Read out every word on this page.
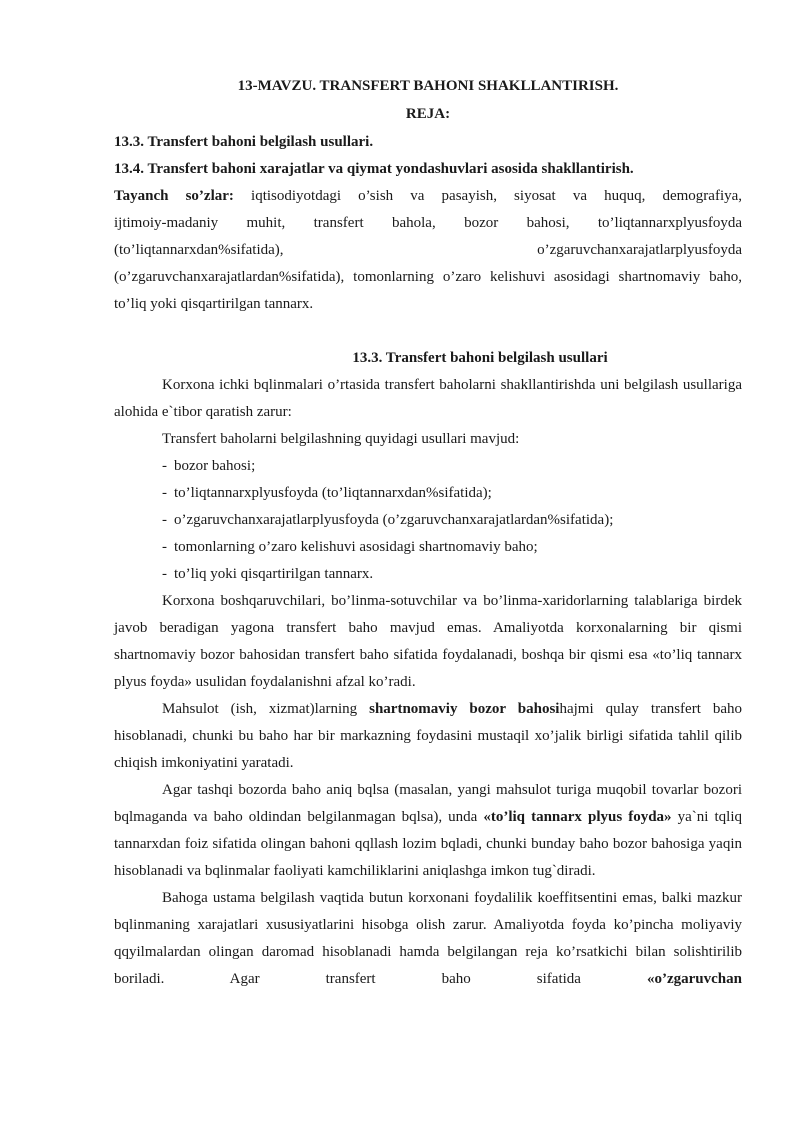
13-MAVZU. TRANSFERT BAHONI SHAKLLANTIRISH.
REJA:
13.3. Transfert bahoni belgilash usullari.
13.4. Transfert bahoni xarajatlar va qiymat yondashuvlari asosida shakllantirish.
Tayanch so’zlar: iqtisodiyotdagi o’sish va pasayish, siyosat va huquq, demografiya,
ijtimoiy-madaniy muhit, transfert bahola, bozor bahosi, to’liqtannarxplyusfoyda
(to’liqtannarxdan%sifatida), o’zgaruvchanxarajatlarplyusfoyda
(o’zgaruvchanxarajatlardan%sifatida), tomonlarning o’zaro kelishuvi asosidagi shartnomaviy baho, to’liq yoki qisqartirilgan tannarx.
13.3. Transfert bahoni belgilash usullari
Korxona ichki bqlinmalari o’rtasida transfert baholarni shakllantirishda uni belgilash usullariga alohida e`tibor qaratish zarur:
Transfert baholarni belgilashning quyidagi usullari mavjud:
- bozor bahosi;
- to’liqtannarxplyusfoyda (to’liqtannarxdan%sifatida);
- o’zgaruvchanxarajatlarplyusfoyda (o’zgaruvchanxarajatlardan%sifatida);
- tomonlarning o’zaro kelishuvi asosidagi shartnomaviy baho;
- to’liq yoki qisqartirilgan tannarx.
Korxona boshqaruvchilari, bo’linma-sotuvchilar va bo’linma-xaridorlarning talablariga birdek javob beradigan yagona transfert baho mavjud emas. Amaliyotda korxonalarning bir qismi shartnomaviy bozor bahosidan transfert baho sifatida foydalanadi, boshqa bir qismi esa «to’liq tannarx plyus foyda» usulidan foydalanishni afzal ko’radi.
Mahsulot (ish, xizmat)larning shartnomaviy bozor bahosihajmi qulay transfert baho hisoblanadi, chunki bu baho har bir markazning foydasini mustaqil xo’jalik birligi sifatida tahlil qilib chiqish imkoniyatini yaratadi.
Agar tashqi bozorda baho aniq bqlsa (masalan, yangi mahsulot turiga muqobil tovarlar bozori bqlmaganda va baho oldindan belgilanmagan bqlsa), unda «to’liq tannarx plyus foyda» ya`ni tqliq tannarxdan foiz sifatida olingan bahoni qqllash lozim bqladi, chunki bunday baho bozor bahosiga yaqin hisoblanadi va bqlinmalar faoliyati kamchiliklarini aniqlashga imkon tug`diradi.
Bahoga ustama belgilash vaqtida butun korxonani foydalilik koeffitsentini emas, balki mazkur bqlinmaning xarajatlari xususiyatlarini hisobga olish zarur. Amaliyotda foyda ko’pincha moliyaviy qqyilmalardan olingan daromad hisoblanadi hamda belgilangan reja ko’rsatkichi bilan solishtirilib boriladi. Agar transfert baho sifatida «o’zgaruvchan
